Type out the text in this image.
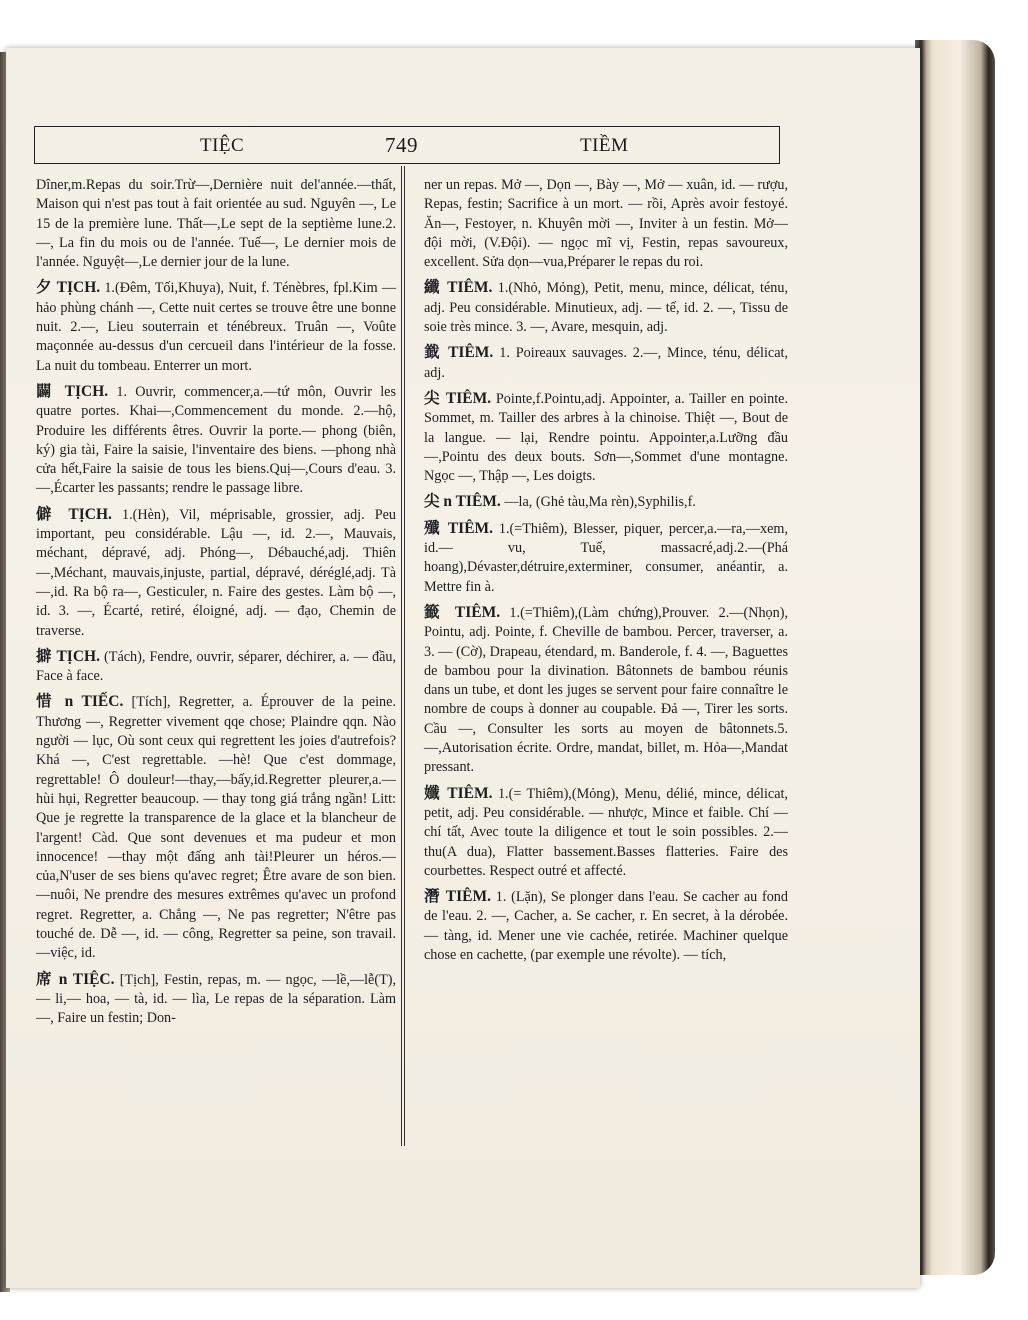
TIỆC	749	TIỀM

Dîner,m.Repas du soir.Trừ—,Dernière nuit del'année.—thất, Maison qui n'est pas tout à fait orientée au sud. Nguyên —, Le 15 de la première lune. Thất—,Le sept de la septième lune.2.—, La fin du mois ou de l'année. Tuế—, Le dernier mois de l'année. Nguyệt—,Le dernier jour de la lune.

夕 TỊCH. 1.(Đêm, Tối,Khuya), Nuit, f. Ténèbres, fpl.Kim — hảo phùng chánh —, Cette nuit certes se trouve être une bonne nuit. 2.—, Lieu souterrain et ténébreux. Truân —, Voûte maçonnée au-dessus d'un cercueil dans l'intérieur de la fosse. La nuit du tombeau. Enterrer un mort.

闢 TỊCH. 1. Ouvrir, commencer,a.—tứ môn, Ouvrir les quatre portes. Khai—,Commencement du monde. 2.—hộ, Produire les différents êtres. Ouvrir la porte.— phong (biên, ký) gia tài, Faire la saisie, l'inventaire des biens. —phong nhà cửa hết,Faire la saisie de tous les biens.Quị—,Cours d'eau. 3.—,Écarter les passants; rendre le passage libre.

僻 TỊCH. 1.(Hèn), Vil, méprisable, grossier, adj. Peu important, peu considérable. Lậu —, id. 2.—, Mauvais, méchant, dépravé, adj. Phóng—, Débauché,adj. Thiên—,Méchant, mauvais,injuste, partial, dépravé, déréglé,adj. Tà—,id. Ra bộ ra—, Gesticuler, n. Faire des gestes. Làm bộ —, id. 3. —, Écarté, retiré, éloigné, adj. — đạo, Chemin de traverse.

擗 TỊCH. (Tách), Fendre, ouvrir, séparer, déchirer, a. — đầu, Face à face.

惜 n TIẾC. [Tích], Regretter, a. Éprouver de la peine. Thương —, Regretter vivement qqe chose; Plaindre qqn. Nào người — lục, Où sont ceux qui regrettent les joies d'autrefois? Khá —, C'est regrettable. —hè! Que c'est dommage, regrettable! Ô douleur!—thay,—bấy,id.Regretter pleurer,a.—hùi hụi, Regretter beaucoup. — thay tong giá trắng ngần! Litt: Que je regrette la transparence de la glace et la blancheur de l'argent! Càd. Que sont devenues et ma pudeur et mon innocence! —thay một đấng anh tài!Pleurer un héros.—của,N'user de ses biens qu'avec regret; Être avare de son bien.—nuôi, Ne prendre des mesures extrêmes qu'avec un profond regret. Regretter, a. Chẳng —, Ne pas regretter; N'être pas touché de. Dễ —, id. — công, Regretter sa peine, son travail. —việc, id.

席 n TIỆC. [Tịch], Festin, repas, m. — ngọc, —lề,—lễ(T), — li,— hoa, — tà, id. — lìa, Le repas de la séparation. Làm —, Faire un festin; Don-

ner un repas. Mở —, Dọn —, Bày —, Mở — xuân, id. — rượu, Repas, festin; Sacrifice à un mort. — rồi, Après avoir festoyé. Ăn—, Festoyer, n. Khuyên mời —, Inviter à un festin. Mở— đội mời, (V.Đội). — ngọc mĩ vị, Festin, repas savoureux, excellent. Sửa dọn—vua,Préparer le repas du roi.

纖 TIÊM. 1.(Nhỏ, Mỏng), Petit, menu, mince, délicat, ténu, adj. Peu considérable. Minutieux, adj. — tế, id. 2. —, Tissu de soie très mince. 3. —, Avare, mesquin, adj.

韱 TIÊM. 1. Poireaux sauvages. 2.—, Mince, ténu, délicat, adj.

尖 TIÊM. Pointe,f.Pointu,adj. Appointer, a. Tailler en pointe. Sommet, m. Tailler des arbres à la chinoise. Thiệt —, Bout de la langue. — lại, Rendre pointu. Appointer,a.Lưỡng đầu—,Pointu des deux bouts. Sơn—,Sommet d'une montagne. Ngọc —, Thập —, Les doigts.

尖 n TIÊM. —la, (Ghẻ tàu,Ma rèn),Syphilis,f.

殲 TIÊM. 1.(=Thiêm), Blesser, piquer, percer,a.—ra,—xem, id.— vu, Tuế, massacré,adj.2.—(Phá hoang),Dévaster,détruire,exterminer, consumer, anéantir, a. Mettre fin à.

籤 TIÊM. 1.(=Thiêm),(Làm chứng),Prouver. 2.—(Nhọn), Pointu, adj. Pointe, f. Cheville de bambou. Percer, traverser, a. 3. — (Cờ), Drapeau, étendard, m. Banderole, f. 4. —, Baguettes de bambou pour la divination. Bâtonnets de bambou réunis dans un tube, et dont les juges se servent pour faire connaître le nombre de coups à donner au coupable. Đả —, Tirer les sorts. Cầu —, Consulter les sorts au moyen de bâtonnets.5.—,Autorisation écrite. Ordre, mandat, billet, m. Hỏa—,Mandat pressant.

孅 TIÊM. 1.(= Thiêm),(Mỏng), Menu, délié, mince, délicat, petit, adj. Peu considérable. — nhược, Mince et faible. Chí — chí tất, Avec toute la diligence et tout le soin possibles. 2.—thu(A dua), Flatter bassement.Basses flatteries. Faire des courbettes. Respect outré et affecté.

潛 TIÊM. 1. (Lặn), Se plonger dans l'eau. Se cacher au fond de l'eau. 2. —, Cacher, a. Se cacher, r. En secret, à la dérobée. — tàng, id. Mener une vie cachée, retirée. Machiner quelque chose en cachette, (par exemple une révolte). — tích,
